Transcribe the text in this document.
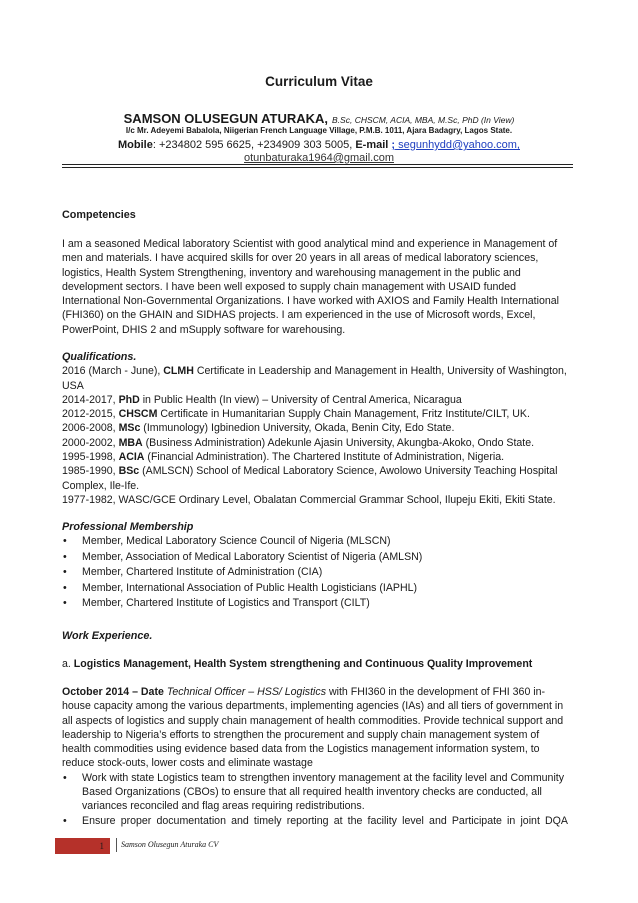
Curriculum Vitae
SAMSON OLUSEGUN ATURAKA, B.Sc, CHSCM, ACIA, MBA, M.Sc, PhD (In View)
I/c Mr. Adeyemi Babalola, Niigerian French Language Village, P.M.B. 1011, Ajara Badagry, Lagos State.
Mobile: +234802 595 6625, +234909 303 5005, E-mail ; segunhydd@yahoo.com,
otunbaturaka1964@gmail.com
Competencies
I am a seasoned Medical laboratory Scientist with good analytical mind and experience in Management of
men and materials. I have acquired skills for over 20 years in all areas of medical laboratory sciences,
logistics, Health System Strengthening, inventory and warehousing management in the public and
development sectors. I have been well exposed to supply chain management with USAID funded
International Non-Governmental Organizations. I have worked with AXIOS and Family Health International
(FHI360) on the GHAIN and SIDHAS projects. I am experienced in the use of Microsoft words, Excel,
PowerPoint, DHIS 2 and mSupply software for warehousing.
Qualifications.
2016 (March - June), CLMH Certificate in Leadership and Management in Health, University of Washington,
USA
2014-2017, PhD in Public Health (In view) – University of Central America, Nicaragua
2012-2015, CHSCM Certificate in Humanitarian Supply Chain Management, Fritz Institute/CILT, UK.
2006-2008, MSc (Immunology) Igbinedion University, Okada, Benin City, Edo State.
2000-2002, MBA (Business Administration) Adekunle Ajasin University, Akungba-Akoko, Ondo State.
1995-1998, ACIA (Financial Administration). The Chartered Institute of Administration, Nigeria.
1985-1990, BSc (AMLSCN) School of Medical Laboratory Science, Awolowo University Teaching Hospital
Complex, Ile-Ife.
1977-1982, WASC/GCE Ordinary Level, Obalatan Commercial Grammar School, Ilupeju Ekiti, Ekiti State.
Professional Membership
• Member, Medical Laboratory Science Council of Nigeria (MLSCN)
• Member, Association of Medical Laboratory Scientist of Nigeria (AMLSN)
• Member, Chartered Institute of Administration (CIA)
• Member, International Association of Public Health Logisticians (IAPHL)
• Member, Chartered Institute of Logistics and Transport (CILT)
Work Experience.
a. Logistics Management, Health System strengthening and Continuous Quality Improvement
October 2014 – Date Technical Officer – HSS/ Logistics with FHI360 in the development of FHI 360 in-
house capacity among the various departments, implementing agencies (IAs) and all tiers of government in
all aspects of logistics and supply chain management of health commodities. Provide technical support and
leadership to Nigeria’s efforts to strengthen the procurement and supply chain management system of
health commodities using evidence based data from the Logistics management information system, to
reduce stock-outs, lower costs and eliminate wastage
• Work with state Logistics team to strengthen inventory management at the facility level and Community
Based Organizations (CBOs) to ensure that all required health inventory checks are conducted, all
variances reconciled and flag areas requiring redistributions.
• Ensure proper documentation and timely reporting at the facility level and Participate in joint DQA
1	Samson Olusegun Aturaka CV
